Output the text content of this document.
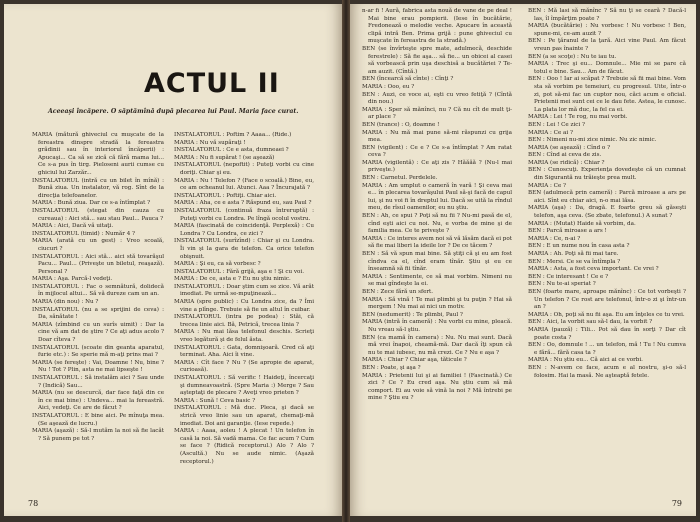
ACTUL II
Aceeaşi încăpere. O săptămînă după plecarea lui Paul. Maria face curat.

MARIA (mătură ghiveciul cu muşcate de la fereastra dinspre stradă la fereastra grădinii sau în interiorul încăperii) : Apucaşi... Ca să se zică că fără mama lui... Ce s-a pus în tirg. Pieloseni aurii cumse cu ghiciul lui Zarzăr...

INSTALATORUL (intră cu un bilet în mînă) : Bună ziua. Un instalator, vă rog. Sînt de la direcţia telefoanelor.

MARIA : Bună ziua. Dar ce s-a întîmplat ?

INSTALATORUL (stegat din cauza cu cureaua) : Aici stă... sau stau Paul... Pauca ?

MARIA : Aici, Dacă vă uitaţi.

INSTALATORUL (timid) : Număr 4 ?

MARIA (arată cu un gest) : Vreo scoală, ciucuri ?

INSTALATORUL : Aici stă... aici stă tovarăşul Pacu... Paul... (Priveşte un biletul, reaşază). Personal ?

MARIA : Aşa. Parcă-l vedeţi.

INSTALATORUL : Fac o semnătură, dolidecă în mijlocul altui... Să vă dureze cam un an.

MARIA (din nou) : Nu ?

INSTALATORUL (nu a se sprijini de ceva) : Da, sănătate !

MARIA (zîmbind cu un surîs uimit) : Dar la cine vă am dat de ştire ? Ce aţi adus acolo ? Doar cîteva ?

INSTALATORUL (scoate din geanta aparatul, furie etc.) : Se sperie mă m-aţi prins mai ?

MARIA (se fereşte) : Vai, Doamne ! Nu, bine ? Nu ! Tot ? Plin, asta ne mai lipseşte !

INSTALATORUL : Să instalăm aici ? Sau unde ? (Indică) Sau...

MARIA (nu se descurcă, dar face faţă din ce în ce mai bine) : Undeva... mai la fereastră. Aici, vedeţi. Ce are de făcut ?

INSTALATORUL : E bine aici. Pe mînuţa mea. (Se aşează de lucru.)

MARIA (aşază) : Să-l mutăm la noi să fie lacăt ? Să punem pe tot ?

INSTALATORUL : Poftim ? Aaaa... (Ride.)

MARIA : Nu vă supăraţi !

INSTALATORUL : Ce e asta, dumneaei ?

MARIA : Nu fi supărat ! (se aşează)

INSTALATORUL (nepoftit) : Puteţi vorbi cu cine doriţi. Chiar şi eu.

MARIA : Nu ! Telefon ? (Face o scoală.) Bine, eu, ce am ocheanul lui. Atunci. Aaa ? Încurajată ?

INSTALATORUL : Poftiţi. Chiar aici.

MARIA : Aha, ce e asta ? Răspund eu, sau Paul ?

INSTALATORUL (continuă fraza întreruptă) : Puteţi vorbi cu Londra. Pe lîngă ocolul vostru.

MARIA (fascinată de coincidenţă. Perplexă) : Cu Londra ? Cu Londra, ce zici ?

INSTALATORUL (surîzînd) : Chiar şi cu Londra. Îi vin şi la gara de telefon. Ca orice telefon obişnuit.

MARIA : Şi eu, ca să vorbesc ?

INSTALATORUL : Fără grijă, aşa e ! Şi cu voi.

MARIA : De ce, asta e ? Eu nu ştiu nimic.

INSTALATORUL : Doar ştim cum se zice. Vă arăt imediat. Pe urmă se-mpuţinează...

MARIA (spre public) : Cu Londra zice, da ? Îmi vine a plînge. Trebuie să fie un altul în cuibar.

INSTALATORUL (intra pe podea) : Stăi, că trecea linie aici. Bă, Petrică, trecea linia ?

MARIA : Nu mai lăsa telefonul deschis. Scrieţi vreo legătură şi de felul ăsta.

INSTALATORUL : Gata, domnişoară. Cred că aţi terminat. Aha. Aici îi vine.

MARIA : Cît face ? Nu ? (Se apropie de aparat, curioasă).

INSTALATORUL : Să verific ! Haideţi, încercaţi şi dumneavoastră. (Spre Maria :) Merge ? Sau aşteptaţi de plecare ? Aveţi vreo prieten ?

MARIA : Sună ! Ceva basic ?

INSTALATORUL : Mă duc. Pleca, şi dacă se strică vreo linie sau un aparat, chemaţi-mă imediat. Doi ani garanţie. (Iese repede.)

MARIA : Aaaa, aoleu ! A plecat ! Un telefon în casă la noi. Să vadă mama. Ce fac acum ? Cum se face ? (Ridică receptorul.) Alo ? Alo ? (Ascultă.) Nu se aude nimic. (Aşază receptorul.)

78

n-ar fi ! Aură, fabrica asta nouă de vane de pe deal ! Mai bine erau pompierii. (Iese în bucătărie, Fredonează o melodie veche. Apucare în această clipă intră Ben. Prima grijă : pune ghiveciul cu muşcate în fereastra de la stradă.)

BEN (se învîrteşte spre mate, adulmecă, deschide ferestrele) : Să fie aşa... să fie... un obicei al casei să vorbească prin uşa deschisă a bucătăriei ? Te-am auzit. (Cîntă.)

BEN (încearcă să cînte) : Cînţi ?

MARIA : Ooo, eu ?

BEN : Auzi, ce voce ai, eşti cu vreo fetiţă ? (Cîntă din nou.)

MARIA : Sper să mănînci, nu ? Că nu cît de mult ţi-ar place ?

BEN (trance) : O, doamne !

MARIA : Nu mă mai pune să-mi răspunzi cu grija mea.

BEN (vigilent) : Ce e ? Ce s-a întîmplat ? Am ratat ceva ?

MARIA (vigilentă) : Ce aţi zis ? Hăăăă ? (Nu-l mai priveşte.)

BEN : Carnetul. Perdelele.

MARIA : Am umplut o cameră în vară ! Şi ceva mai e... în plecarea tovarăşului Paul să-şi facă de capul lui, şi nu voi fi în dreptul lui. Dacă se uită la rîndul meu, de rîsul oamenilor, eu nu ştiu.

BEN : Ah, ce spui ? Poţi să nu fii ? Nu-mi pasă de el, cînd eşti aici cu noi. Nu, e vorba de mine şi de familia mea. Ce te priveşte ?

MARIA : Ce interes avem noi să vă lăsăm dacă ei pot să fie mai liberi la ideile lor ? De ce tăcem ?

BEN : Să vă spun mai bine. Să ştiţi că şi eu am fost cîndva ca el, cînd eram tînăr. Ştiu şi eu ce înseamnă să fii tînăr.

MARIA : Sentimente, ce să mai vorbim. Nimeni nu se mai gîndeşte la ei.

BEN : Zece fără un sfert.

MARIA : Să vină ! Te mai plimbi şi tu puţin ? Hai să mergem ! Nu mai ai nici un motiv.

BEN (nedumerit) : Te plimbi, Paul ?

MARIA (intră în cameră) : Nu vorbi cu mine, pleacă. Nu vreau să-l ştiu.

BEN (ca mamă în camera) : Nu. Nu mai sunt. Dacă mă vrei înapoi, cheamă-mă. Dar dacă îţi spun că nu te mai iubesc, nu mă crezi. Ce ? Nu e aşa ?

MARIA : Chiar ? Chiar aşa, tăticule ?

BEN : Poate, şi aşa ?

MARIA : Prietenii lui şi ai familiei ! (Fascinată.) Ce zici ? Ce ? Eu cred aşa. Nu ştiu cum să mă comport. Ei au voie să vină la noi ? Mă întrebi pe mine ? Ştiu eu ?

BEN : Mă lasi să mănînc ? Să nu ţi se ceară ? Dacă-l las, îl împărţim poate ?

MARIA (bucătărie) : Nu vorbesc ! Nu vorbesc ! Ben, spune-mi, ce-am auzit ?

BEN : Pe ţăranul de la ţară. Aici vine Paul. Am făcut vreun pas înainte ?

BEN (a se scoţe) : Nu te iau tu.

MARIA : Trec şi eu... Domnule... Mie mi se pare că totul e bine. Sau... Am de făcut.

BEN : Ooo ! Iar ai scăpat ? Trebuie să fii mai bine. Vom sta să vorbim pe temeiuri, cu progresul. Uite, într-o zi, pot să-mi fac un cuptor nou, căci acum e oficial. Prietenii mei sunt cei ce le dau fete. Astea, le cunosc. La plata lor mă duc, la fel ca ei.

MARIA : Lei ! Te rog, nu mai vorbi.

BEN : Lei ! Ce zici ?

MARIA : Ce ai ?

BEN : Nimeni nu-mi zice nimic. Nu zic nimic.

MARIA (se aşează) : Cînd o ?

BEN : Cînd ai ceva de zis.

MARIA (se ridică) : Chiar ?

BEN : Cunoscuţi. Experienţa dovedeşte că un cumnat din Sigurantă nu trăieşte prea mult.

MARIA : Ce ?

BEN (adulmecă prin cameră) : Parcă miroase a ars pe aici. Sînt eu chiar aici, n-o mai lăsa.

MARIA (aşa) : Da, dragă. E foarte greu să găseşti telefon, aşa ceva. (Se zbate, telefonul.) A sunat ?

MARIA : (Mutat) Haide să vorbim, da.

BEN : Parcă miroase a ars !

MARIA : Ce, n-ai ?

BEN : E un nume nou în casa asta ?

MARIA : Ah. Poţi să fii mai tare.

BEN : Mersi. Ce se va întîmpla ?

MARIA : Asta, a fost ceva important. Ce vrei ?

BEN : Ce interesant ! Ce e ?

BEN : Nu te-ai speriat ?

BEN (foarte mare, aproape mănînc) : Ce tot vorbeşti ? Un telefon ? Ce rost are telefonul, într-o zi şi într-un an ?

MARIA : Oh, poţi să nu fii aşa. Eu am înţeles ce tu vrei.

BEN : Aici, la vorbit sau să-l dau, la vorbit ?

MARIA (pauză) : Tili... Pot să dau în sorţi ? Dar cît poate costa ?

BEN : Oo, domnule ! ... un telefon, mă ! Tu ! Nu cumva e fără... fără casa ta ?

MARIA : Nu ştiu eu... Că aici ai ce vorbi.

BEN : N-avem ce face, acum e al nostru, şi-o să-l folosim. Hai la masă. Ne aşteaptă fetele.

79
